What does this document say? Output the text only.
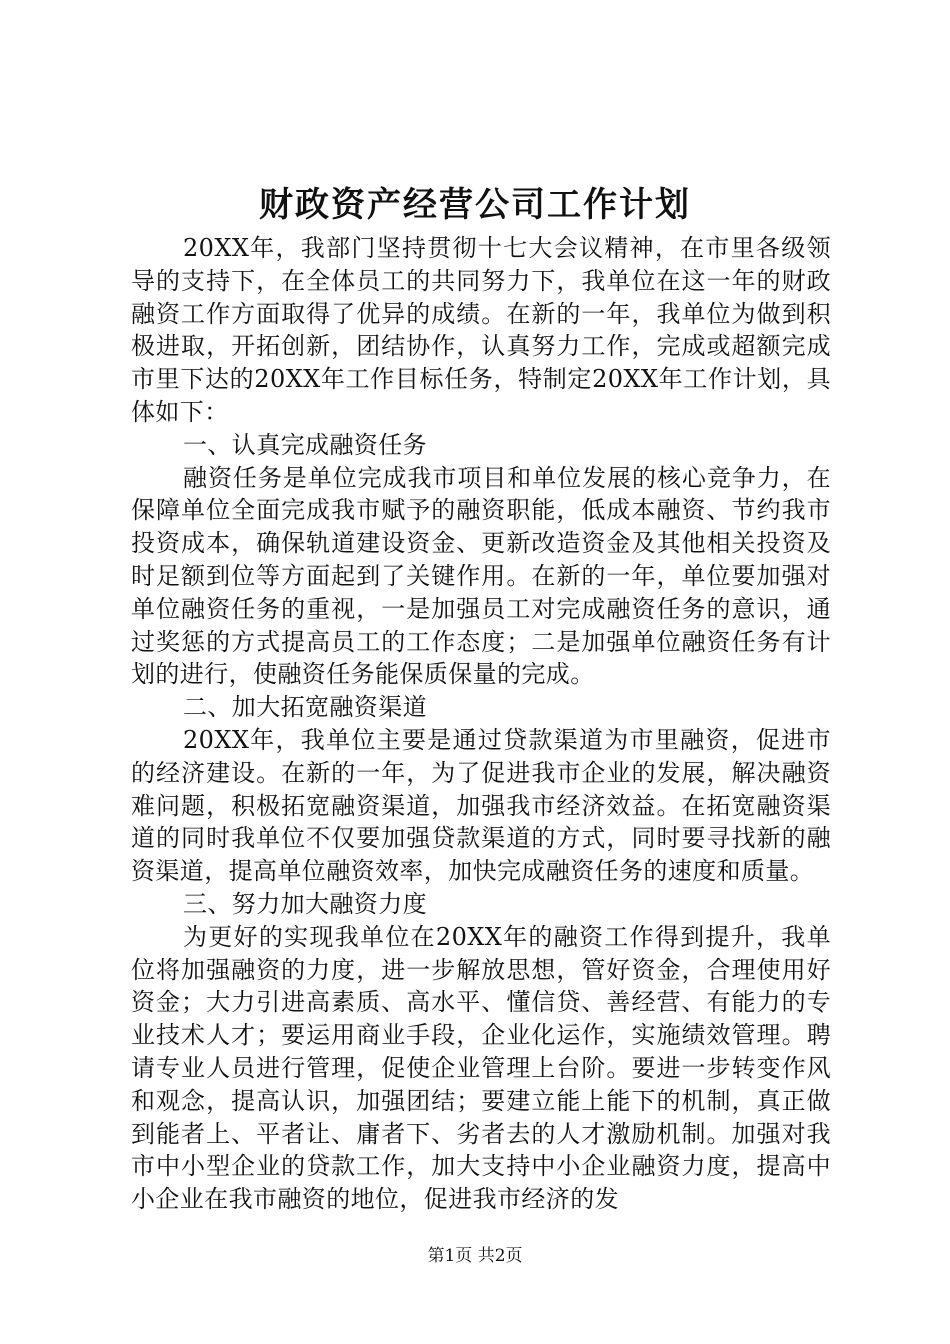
财政资产经营公司工作计划

20XX年，我部门坚持贯彻十七大会议精神，在市里各级领导的支持下，在全体员工的共同努力下，我单位在这一年的财政融资工作方面取得了优异的成绩。在新的一年，我单位为做到积极进取，开拓创新，团结协作，认真努力工作，完成或超额完成市里下达的20XX年工作目标任务，特制定20XX年工作计划，具体如下：

一、认真完成融资任务

融资任务是单位完成我市项目和单位发展的核心竞争力，在保障单位全面完成我市赋予的融资职能，低成本融资、节约我市投资成本，确保轨道建设资金、更新改造资金及其他相关投资及时足额到位等方面起到了关键作用。在新的一年，单位要加强对单位融资任务的重视，一是加强员工对完成融资任务的意识，通过奖惩的方式提高员工的工作态度；二是加强单位融资任务有计划的进行，使融资任务能保质保量的完成。

二、加大拓宽融资渠道

20XX年，我单位主要是通过贷款渠道为市里融资，促进市的经济建设。在新的一年，为了促进我市企业的发展，解决融资难问题，积极拓宽融资渠道，加强我市经济效益。在拓宽融资渠道的同时我单位不仅要加强贷款渠道的方式，同时要寻找新的融资渠道，提高单位融资效率，加快完成融资任务的速度和质量。

三、努力加大融资力度

为更好的实现我单位在20XX年的融资工作得到提升，我单位将加强融资的力度，进一步解放思想，管好资金，合理使用好资金；大力引进高素质、高水平、懂信贷、善经营、有能力的专业技术人才；要运用商业手段，企业化运作，实施绩效管理。聘请专业人员进行管理，促使企业管理上台阶。要进一步转变作风和观念，提高认识，加强团结；要建立能上能下的机制，真正做到能者上、平者让、庸者下、劣者去的人才激励机制。加强对我市中小型企业的贷款工作，加大支持中小企业融资力度，提高中小企业在我市融资的地位，促进我市经济的发

第1页 共2页
